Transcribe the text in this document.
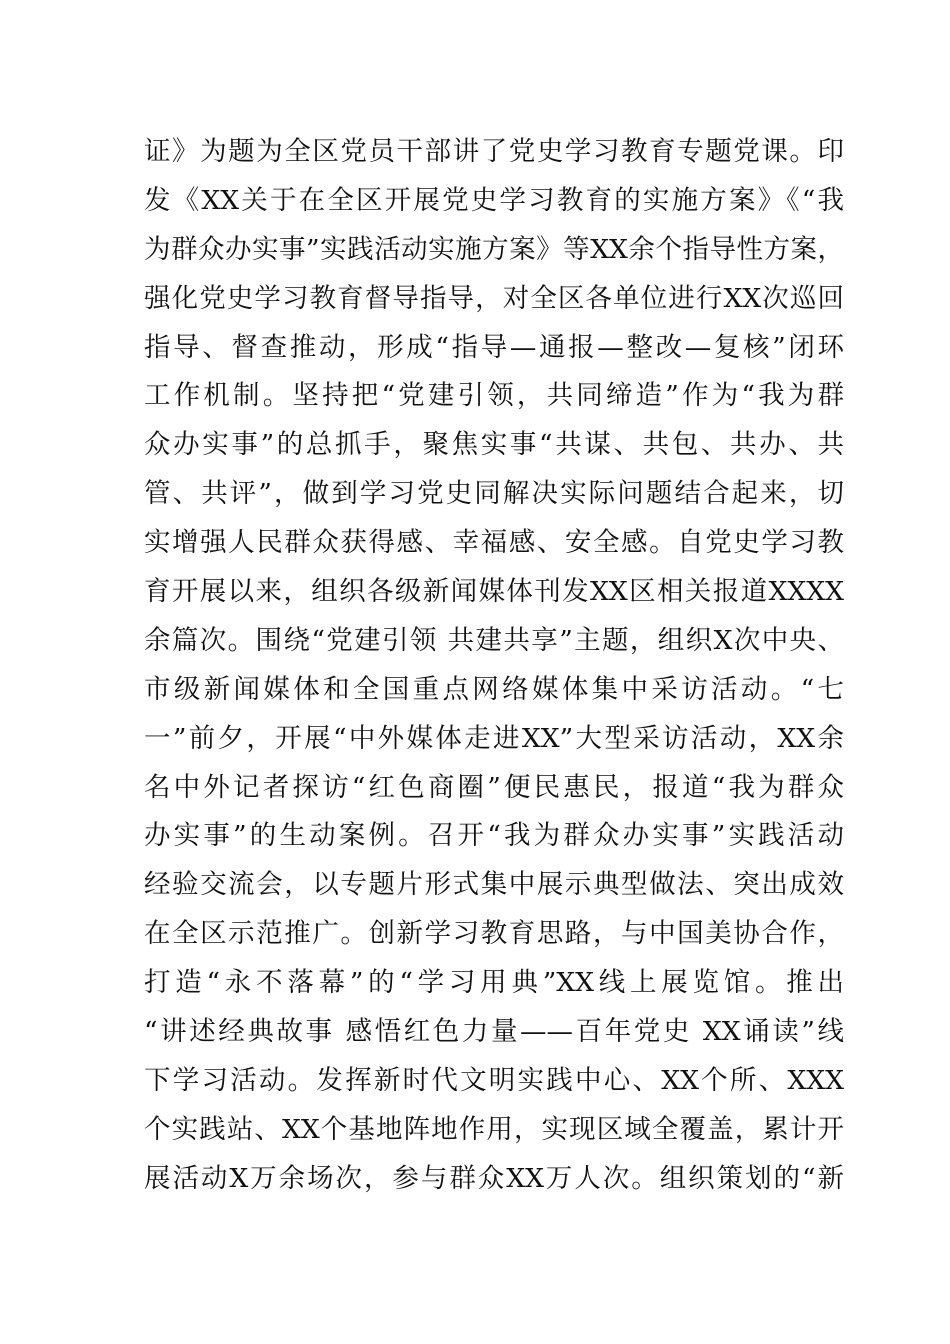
证》为题为全区党员干部讲了党史学习教育专题党课。印
发《XX关于在全区开展党史学习教育的实施方案》《“我
为群众办实事”实践活动实施方案》等XX余个指导性方案，
强化党史学习教育督导指导，对全区各单位进行XX次巡回
指导、督查推动，形成“指导—通报—整改—复核”闭环
工作机制。坚持把“党建引领，共同缔造”作为“我为群
众办实事”的总抓手，聚焦实事“共谋、共包、共办、共
管、共评”，做到学习党史同解决实际问题结合起来，切
实增强人民群众获得感、幸福感、安全感。自党史学习教
育开展以来，组织各级新闻媒体刊发XX区相关报道XXXX
余篇次。围绕“党建引领 共建共享”主题，组织X次中央、
市级新闻媒体和全国重点网络媒体集中采访活动。“七
一”前夕，开展“中外媒体走进XX”大型采访活动，XX余
名中外记者探访“红色商圈”便民惠民，报道“我为群众
办实事”的生动案例。召开“我为群众办实事”实践活动
经验交流会，以专题片形式集中展示典型做法、突出成效
在全区示范推广。创新学习教育思路，与中国美协合作，
打造“永不落幕”的“学习用典”XX线上展览馆。推出
“讲述经典故事 感悟红色力量——百年党史 XX诵读”线
下学习活动。发挥新时代文明实践中心、XX个所、XXX
个实践站、XX个基地阵地作用，实现区域全覆盖，累计开
展活动X万余场次，参与群众XX万人次。组织策划的“新
